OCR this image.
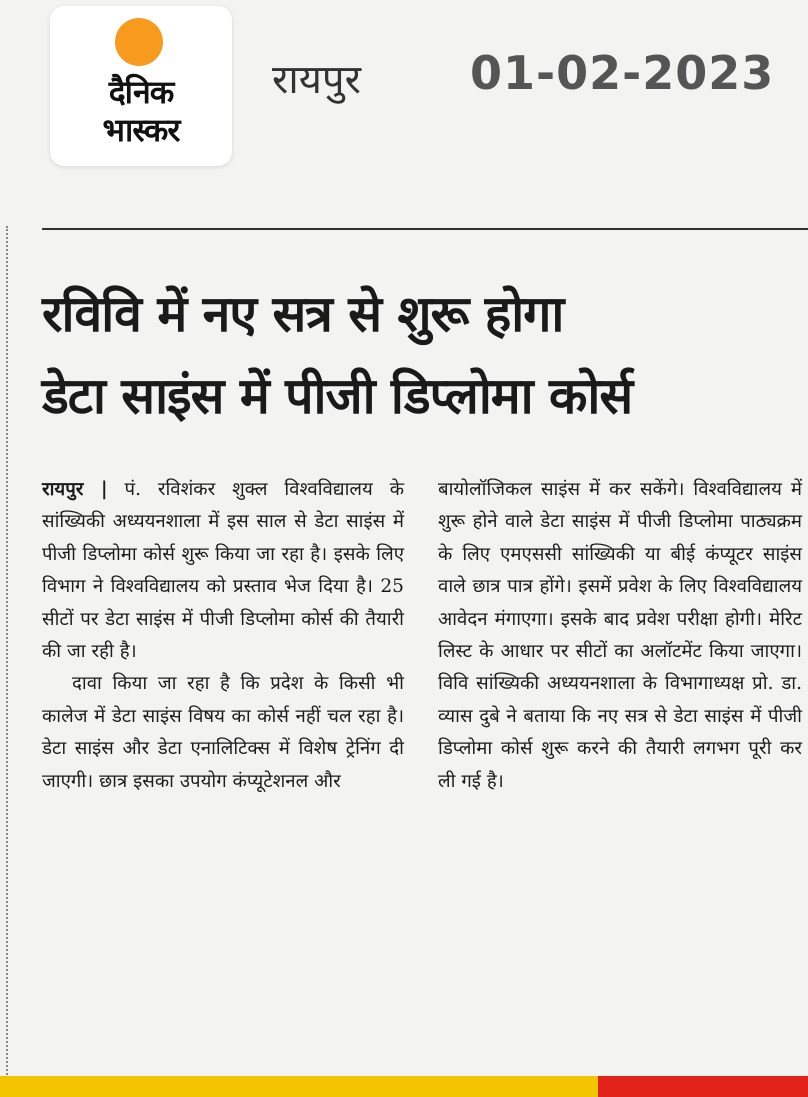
दैनिक
भास्कर
रायपुर 01-02-2023
रविवि में नए सत्र से शुरू होगा
डेटा साइंस में पीजी डिप्लोमा कोर्स

रायपुर | पं. रविशंकर शुक्ल विश्वविद्यालय के सांख्यिकी अध्ययनशाला में इस साल से डेटा साइंस में पीजी डिप्लोमा कोर्स शुरू किया जा रहा है। इसके लिए विभाग ने विश्वविद्यालय को प्रस्ताव भेज दिया है। 25 सीटों पर डेटा साइंस में पीजी डिप्लोमा कोर्स की तैयारी की जा रही है।

दावा किया जा रहा है कि प्रदेश के किसी भी कालेज में डेटा साइंस विषय का कोर्स नहीं चल रहा है। डेटा साइंस और डेटा एनालिटिक्स में विशेष ट्रेनिंग दी जाएगी। छात्र इसका उपयोग कंप्यूटेशनल और

बायोलॉजिकल साइंस में कर सकेंगे। विश्वविद्यालय में शुरू होने वाले डेटा साइंस में पीजी डिप्लोमा पाठ्यक्रम के लिए एमएससी सांख्यिकी या बीई कंप्यूटर साइंस वाले छात्र पात्र होंगे। इसमें प्रवेश के लिए विश्वविद्यालय आवेदन मंगाएगा। इसके बाद प्रवेश परीक्षा होगी। मेरिट लिस्ट के आधार पर सीटों का अलॉटमेंट किया जाएगा। विवि सांख्यिकी अध्ययनशाला के विभागाध्यक्ष प्रो. डा. व्यास दुबे ने बताया कि नए सत्र से डेटा साइंस में पीजी डिप्लोमा कोर्स शुरू करने की तैयारी लगभग पूरी कर ली गई है।
